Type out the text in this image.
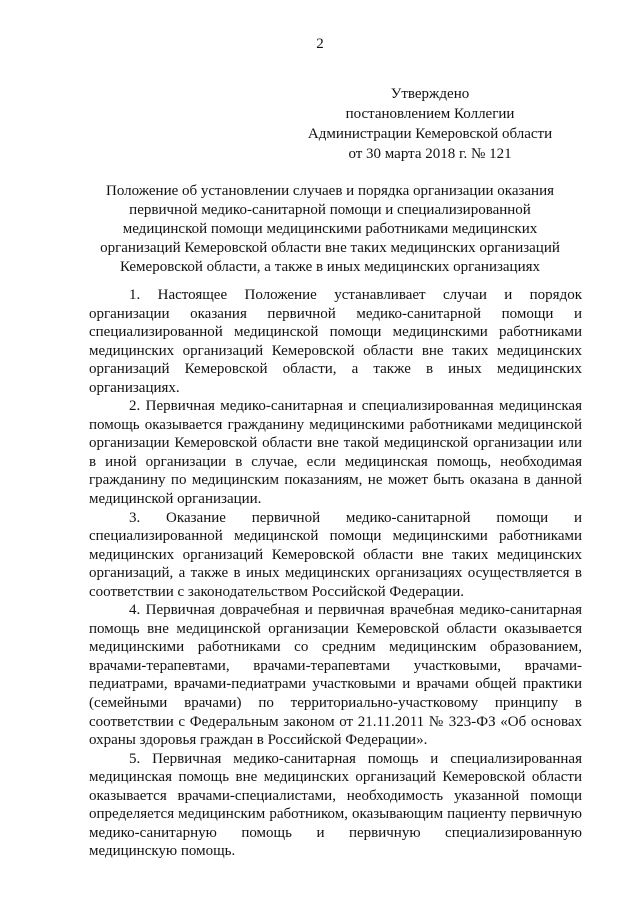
2
Утверждено
постановлением Коллегии
Администрации Кемеровской области
от 30 марта 2018 г. № 121
Положение об установлении случаев и порядка организации оказания
первичной медико-санитарной помощи и специализированной
медицинской помощи медицинскими работниками медицинских
организаций Кемеровской области вне таких медицинских организаций
Кемеровской области, а также в иных медицинских организациях

1. Настоящее Положение устанавливает случаи и порядок организации оказания первичной медико-санитарной помощи и специализированной медицинской помощи медицинскими работниками медицинских организаций Кемеровской области вне таких медицинских организаций Кемеровской области, а также в иных медицинских организациях.

2. Первичная медико-санитарная и специализированная медицинская помощь оказывается гражданину медицинскими работниками медицинской организации Кемеровской области вне такой медицинской организации или в иной организации в случае, если медицинская помощь, необходимая гражданину по медицинским показаниям, не может быть оказана в данной медицинской организации.

3. Оказание первичной медико-санитарной помощи и специализированной медицинской помощи медицинскими работниками медицинских организаций Кемеровской области вне таких медицинских организаций, а также в иных медицинских организациях осуществляется в соответствии с законодательством Российской Федерации.

4. Первичная доврачебная и первичная врачебная медико-санитарная помощь вне медицинской организации Кемеровской области оказывается медицинскими работниками со средним медицинским образованием, врачами-терапевтами, врачами-терапевтами участковыми, врачами-педиатрами, врачами-педиатрами участковыми и врачами общей практики (семейными врачами) по территориально-участковому принципу в соответствии с Федеральным законом от 21.11.2011 № 323-ФЗ «Об основах охраны здоровья граждан в Российской Федерации».

5. Первичная медико-санитарная помощь и специализированная медицинская помощь вне медицинских организаций Кемеровской области оказывается врачами-специалистами, необходимость указанной помощи определяется медицинским работником, оказывающим пациенту первичную медико-санитарную помощь и первичную специализированную медицинскую помощь.
